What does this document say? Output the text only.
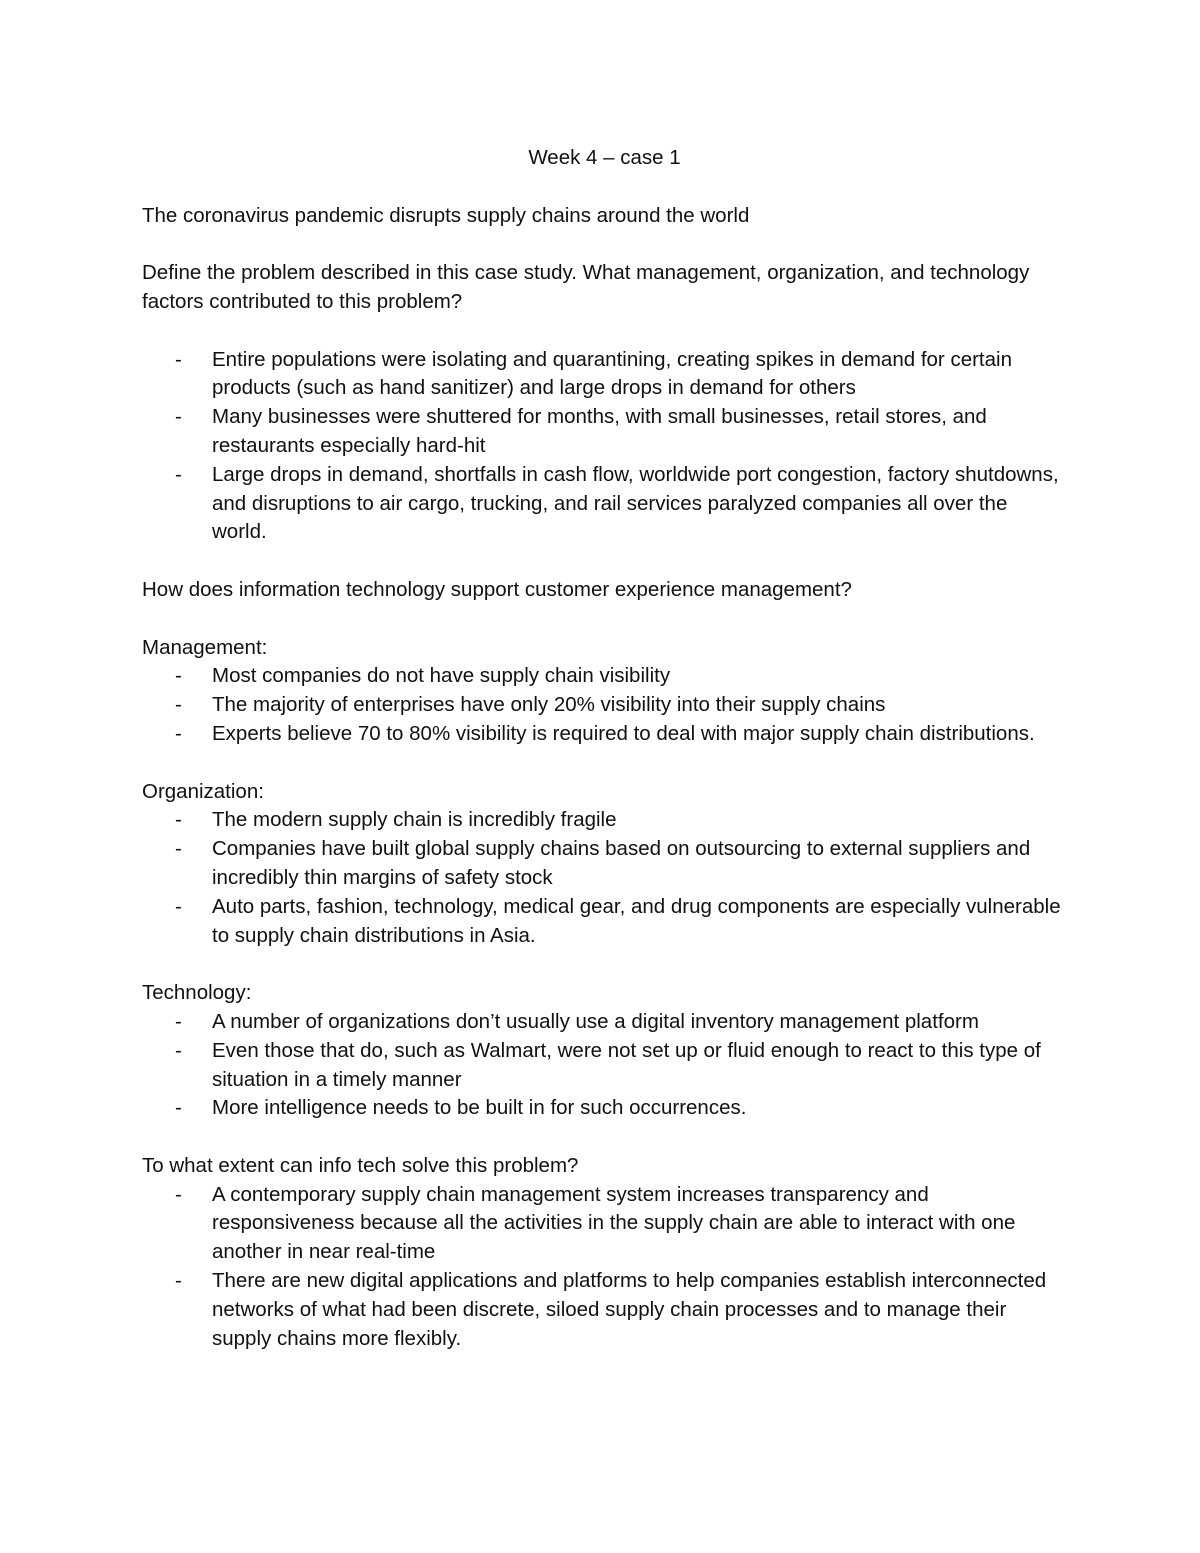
Week 4 – case 1

The coronavirus pandemic disrupts supply chains around the world

Define the problem described in this case study. What management, organization, and technology factors contributed to this problem?

- Entire populations were isolating and quarantining, creating spikes in demand for certain products (such as hand sanitizer) and large drops in demand for others
- Many businesses were shuttered for months, with small businesses, retail stores, and restaurants especially hard-hit
- Large drops in demand, shortfalls in cash flow, worldwide port congestion, factory shutdowns, and disruptions to air cargo, trucking, and rail services paralyzed companies all over the world.

How does information technology support customer experience management?

Management:

- Most companies do not have supply chain visibility
- The majority of enterprises have only 20% visibility into their supply chains
- Experts believe 70 to 80% visibility is required to deal with major supply chain distributions.

Organization:

- The modern supply chain is incredibly fragile
- Companies have built global supply chains based on outsourcing to external suppliers and incredibly thin margins of safety stock
- Auto parts, fashion, technology, medical gear, and drug components are especially vulnerable to supply chain distributions in Asia.

Technology:

- A number of organizations don’t usually use a digital inventory management platform
- Even those that do, such as Walmart, were not set up or fluid enough to react to this type of situation in a timely manner
- More intelligence needs to be built in for such occurrences.

To what extent can info tech solve this problem?

- A contemporary supply chain management system increases transparency and responsiveness because all the activities in the supply chain are able to interact with one another in near real-time
- There are new digital applications and platforms to help companies establish interconnected networks of what had been discrete, siloed supply chain processes and to manage their supply chains more flexibly.
